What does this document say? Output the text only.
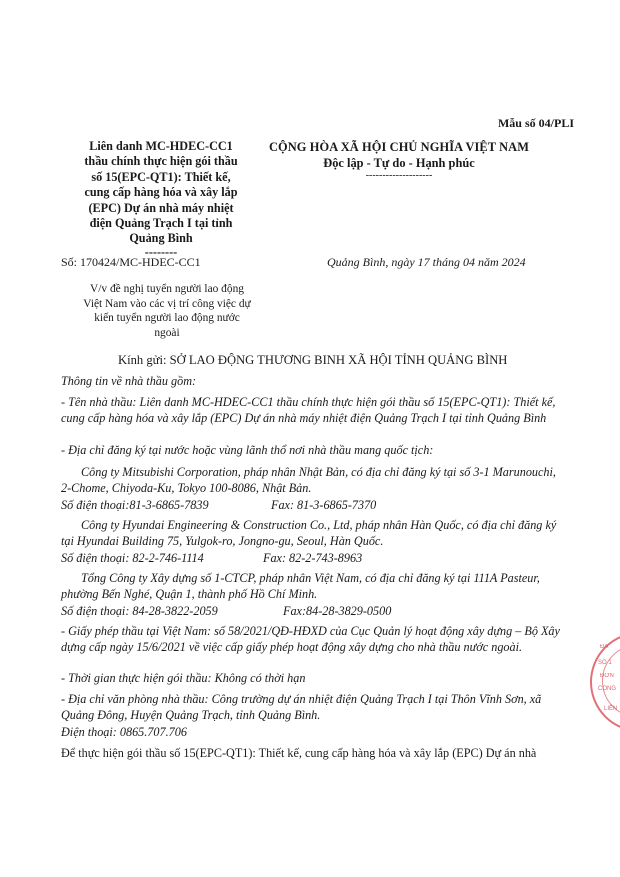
Mẫu số 04/PLI
Liên danh MC-HDEC-CC1
thầu chính thực hiện gói thầu
số 15(EPC-QT1): Thiết kế,
cung cấp hàng hóa và xây lắp
(EPC) Dự án nhà máy nhiệt
điện Quảng Trạch I tại tỉnh
Quảng Bình
--------
CỘNG HÒA XÃ HỘI CHỦ NGHĨA VIỆT NAM
Độc lập - Tự do - Hạnh phúc
--------------------
Số: 170424/MC-HDEC-CC1	Quảng Bình, ngày 17 tháng 04 năm 2024
V/v đề nghị tuyển người lao động
Việt Nam vào các vị trí công việc dự
kiến tuyển người lao động nước
ngoài
Kính gửi: SỞ LAO ĐỘNG THƯƠNG BINH XÃ HỘI TỈNH QUẢNG BÌNH
Thông tin về nhà thầu gồm:
- Tên nhà thầu: Liên danh MC-HDEC-CC1 thầu chính thực hiện gói thầu số 15(EPC-QT1): Thiết kế, cung cấp hàng hóa và xây lắp (EPC) Dự án nhà máy nhiệt điện Quảng Trạch I tại tỉnh Quảng Bình
- Địa chỉ đăng ký tại nước hoặc vùng lãnh thổ nơi nhà thầu mang quốc tịch:
Công ty Mitsubishi Corporation, pháp nhân Nhật Bản, có địa chỉ đăng ký tại số 3-1 Marunouchi, 2-Chome, Chiyoda-Ku, Tokyo 100-8086, Nhật Bản.
Số điện thoại:81-3-6865-7839	Fax: 81-3-6865-7370
Công ty Hyundai Engineering & Construction Co., Ltd, pháp nhân Hàn Quốc, có địa chỉ đăng ký tại Hyundai Building 75, Yulgok-ro, Jongno-gu, Seoul, Hàn Quốc.
Số điện thoại: 82-2-746-1114	Fax: 82-2-743-8963
Tổng Công ty Xây dựng số 1-CTCP, pháp nhân Việt Nam, có địa chỉ đăng ký tại 111A Pasteur, phường Bến Nghé, Quận 1, thành phố Hồ Chí Minh.
Số điện thoại: 84-28-3822-2059	Fax:84-28-3829-0500
- Giấy phép thầu tại Việt Nam: số 58/2021/QĐ-HĐXD của Cục Quản lý hoạt động xây dựng – Bộ Xây dựng cấp ngày 15/6/2021 về việc cấp giấy phép hoạt động xây dựng cho nhà thầu nước ngoài.
- Thời gian thực hiện gói thầu: Không có thời hạn
- Địa chỉ văn phòng nhà thầu: Công trường dự án nhiệt điện Quảng Trạch I tại Thôn Vĩnh Sơn, xã Quảng Đông, Huyện Quảng Trạch, tỉnh Quảng Bình.
Điện thoại: 0865.707.706
Để thực hiện gói thầu số 15(EPC-QT1): Thiết kế, cung cấp hàng hóa và xây lắp (EPC) Dự án nhà
ĐA
SỐ 1
ĐƠN
CÔNG
LIÊN
